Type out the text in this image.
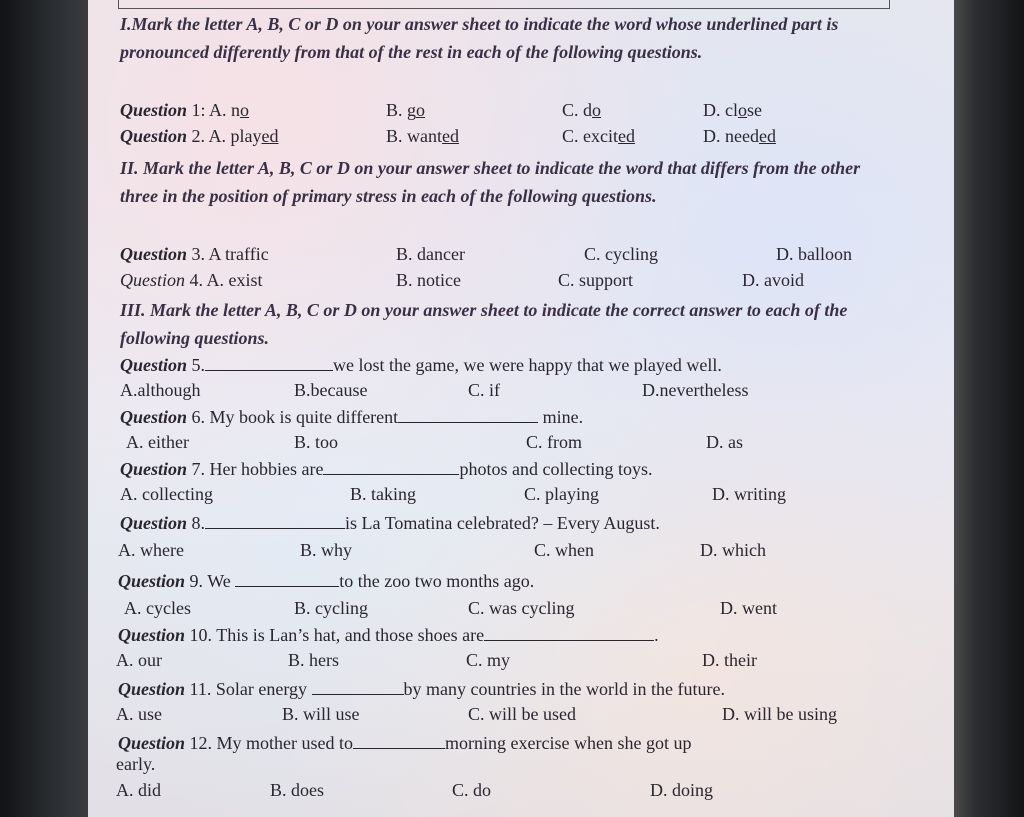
I.Mark the letter A, B, C or D on your answer sheet to indicate the word whose underlined part is pronounced differently from that of the rest in each of the following questions.
Question 1: A. no	B. go	C. do	D. close
Question 2. A. played	B. wanted	C. excited	D. needed
II. Mark the letter A, B, C or D on your answer sheet to indicate the word that differs from the other three in the position of primary stress in each of the following questions.
Question 3. A traffic	B. dancer	C. cycling	D. balloon
Question 4. A. exist	B. notice	C. support	D. avoid
III. Mark the letter A, B, C or D on your answer sheet to indicate the correct answer to each of the following questions.
Question 5.	we lost the game, we were happy that we played well.
A.although	B.because	C. if	D.nevertheless
Question 6. My book is quite different	mine.
A. either	B. too	C. from	D. as
Question 7. Her hobbies are	photos and collecting toys.
A. collecting	B. taking	C. playing	D. writing
Question 8.	is La Tomatina celebrated? – Every August.
A. where	B. why	C. when	D. which
Question 9. We	to the zoo two months ago.
A. cycles	B. cycling	C. was cycling	D. went
Question 10. This is Lan’s hat, and those shoes are	.
A. our	B. hers	C. my	D. their
Question 11. Solar energy	by many countries in the world in the future.
A. use	B. will use	C. will be used	D. will be using
Question 12. My mother used to	morning exercise when she got up
early.
A. did	B. does	C. do	D. doing
